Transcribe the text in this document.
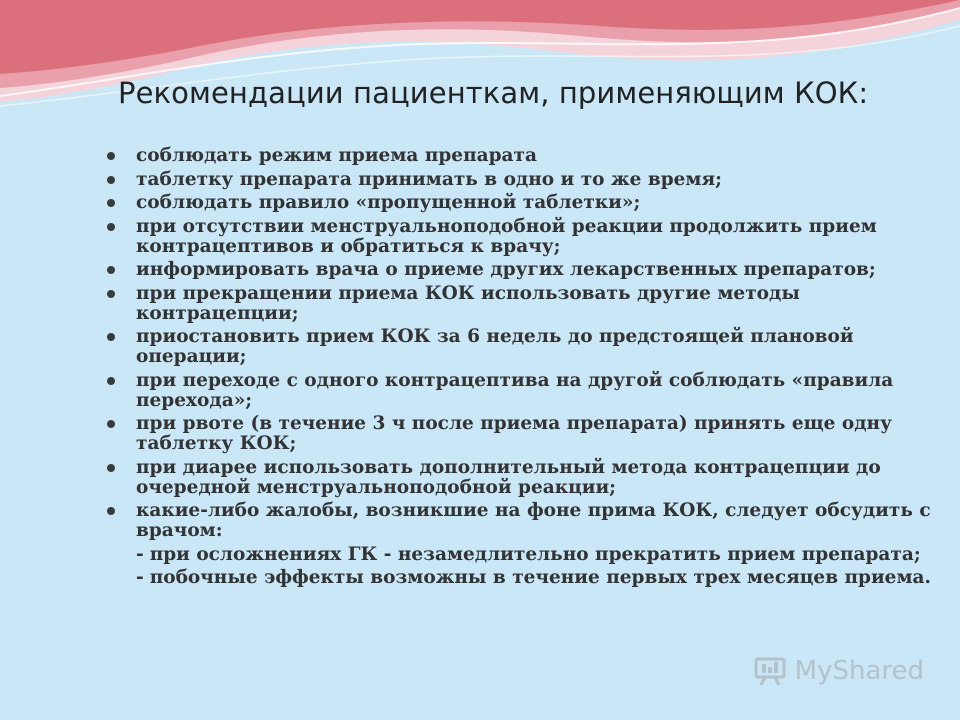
Рекомендации пациенткам, применяющим КОК:
соблюдать режим приема препарата
таблетку препарата принимать в одно и то же время;
соблюдать правило «пропущенной таблетки»;
при отсутствии менструальноподобной реакции продолжить прием контрацептивов и обратиться к врачу;
информировать врача о приеме других лекарственных препаратов;
при прекращении приема КОК использовать другие методы контрацепции;
приостановить прием КОК за 6 недель до предстоящей плановой операции;
при переходе с одного контрацептива на другой соблюдать «правила перехода»;
при рвоте (в течение 3 ч после приема препарата) принять еще одну таблетку КОК;
при диарее использовать дополнительный метода контрацепции до очередной менструальноподобной реакции;
какие-либо жалобы, возникшие на фоне прима КОК, следует обсудить с врачом:
- при осложнениях ГК - незамедлительно прекратить прием препарата;
- побочные эффекты возможны в течение первых трех месяцев приема.
MyShared
